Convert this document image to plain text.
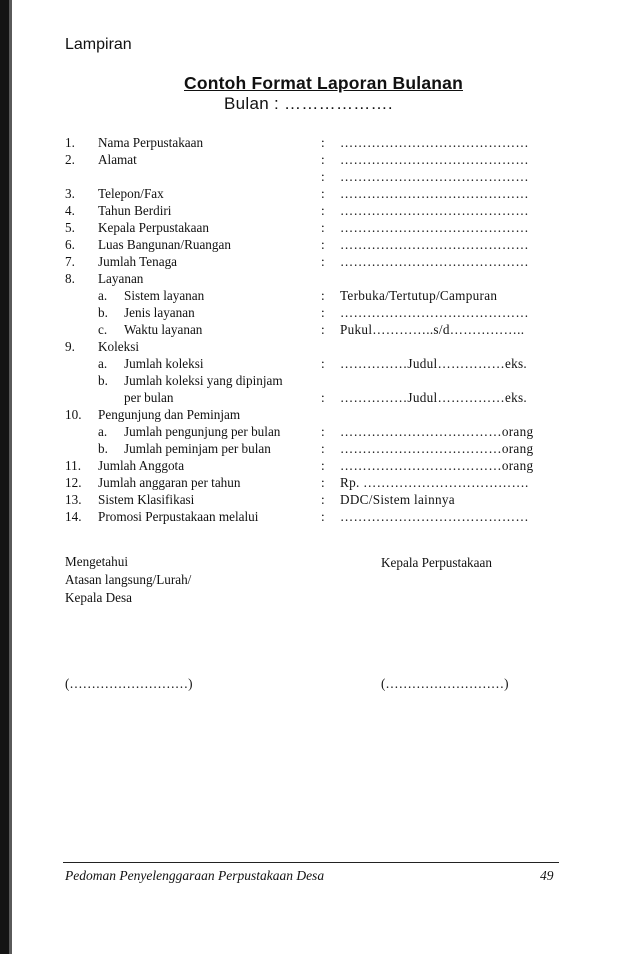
Lampiran
Contoh Format Laporan Bulanan
Bulan : ……………….
1. Nama Perpustakaan	: ……………………………………
2. Alamat	: ……………………………………
: ……………………………………
3. Telepon/Fax	: ……………………………………
4. Tahun Berdiri	: ……………………………………
5. Kepala Perpustakaan	: ……………………………………
6. Luas Bangunan/Ruangan	: ……………………………………
7. Jumlah Tenaga	: ……………………………………
8. Layanan
a. Sistem layanan	: Terbuka/Tertutup/Campuran
b. Jenis layanan	: ……………………………………
c. Waktu layanan	: Pukul…………..s/d……………..
9. Koleksi
a. Jumlah koleksi	: ……………Judul……………eks.
b. Jumlah koleksi yang dipinjam
per bulan	: ……………Judul……………eks.
10. Pengunjung dan Peminjam
a. Jumlah pengunjung per bulan	: ………………………………orang
b. Jumlah peminjam per bulan	: ………………………………orang
11. Jumlah Anggota	: ………………………………orang
12. Jumlah anggaran per tahun	: Rp. ……………………………….
13. Sistem Klasifikasi	: DDC/Sistem lainnya
14. Promosi Perpustakaan melalui	: ……………………………………
Mengetahui
Atasan langsung/Lurah/
Kepala Desa
Kepala Perpustakaan
(………………………)	(………………………)
Pedoman Penyelenggaraan Perpustakaan Desa	49
